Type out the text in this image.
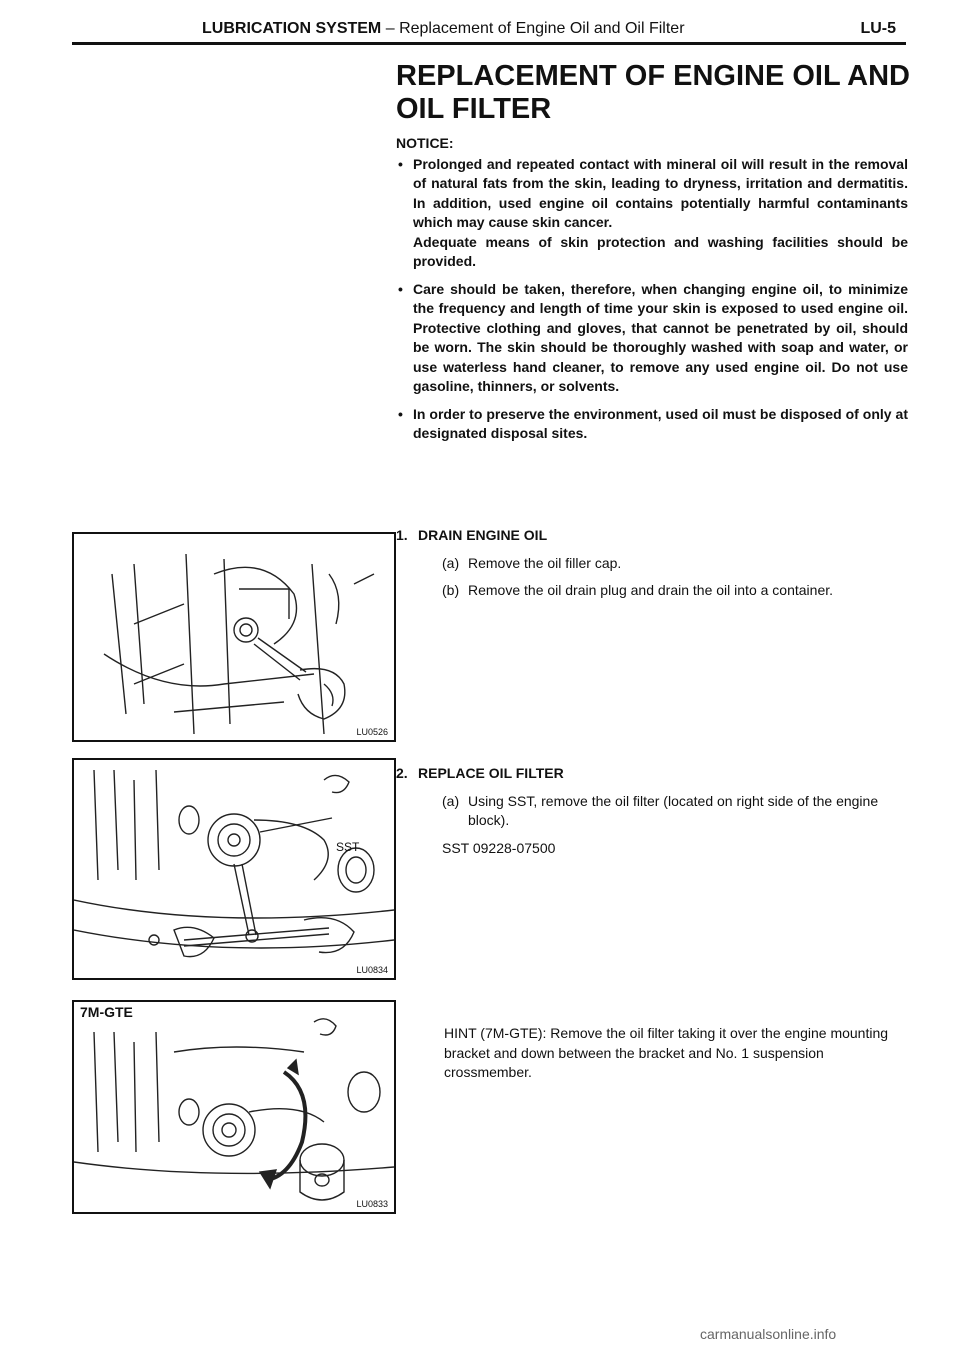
LUBRICATION SYSTEM – Replacement of Engine Oil and Oil Filter	LU-5
REPLACEMENT OF ENGINE OIL AND
OIL FILTER
NOTICE:
• Prolonged and repeated contact with mineral oil will result in the removal of natural fats from the skin, leading to dryness, irritation and dermatitis. In addition, used engine oil contains potentially harmful contaminants which may cause skin cancer.
Adequate means of skin protection and washing facilities should be provided.
• Care should be taken, therefore, when changing engine oil, to minimize the frequency and length of time your skin is exposed to used engine oil. Protective clothing and gloves, that cannot be penetrated by oil, should be worn. The skin should be thoroughly washed with soap and water, or use waterless hand cleaner, to remove any used engine oil. Do not use gasoline, thinners, or solvents.
• In order to preserve the environment, used oil must be disposed of only at designated disposal sites.
1. DRAIN ENGINE OIL
(a) Remove the oil filler cap.
(b) Remove the oil drain plug and drain the oil into a container.
2. REPLACE OIL FILTER
(a) Using SST, remove the oil filter (located on right side of the engine block).
SST 09228-07500
HINT (7M-GTE): Remove the oil filter taking it over the engine mounting bracket and down between the bracket and No. 1 suspension crossmember.
LU0526
SST
LU0834
7M-GTE
LU0833
carmanualsonline.info
